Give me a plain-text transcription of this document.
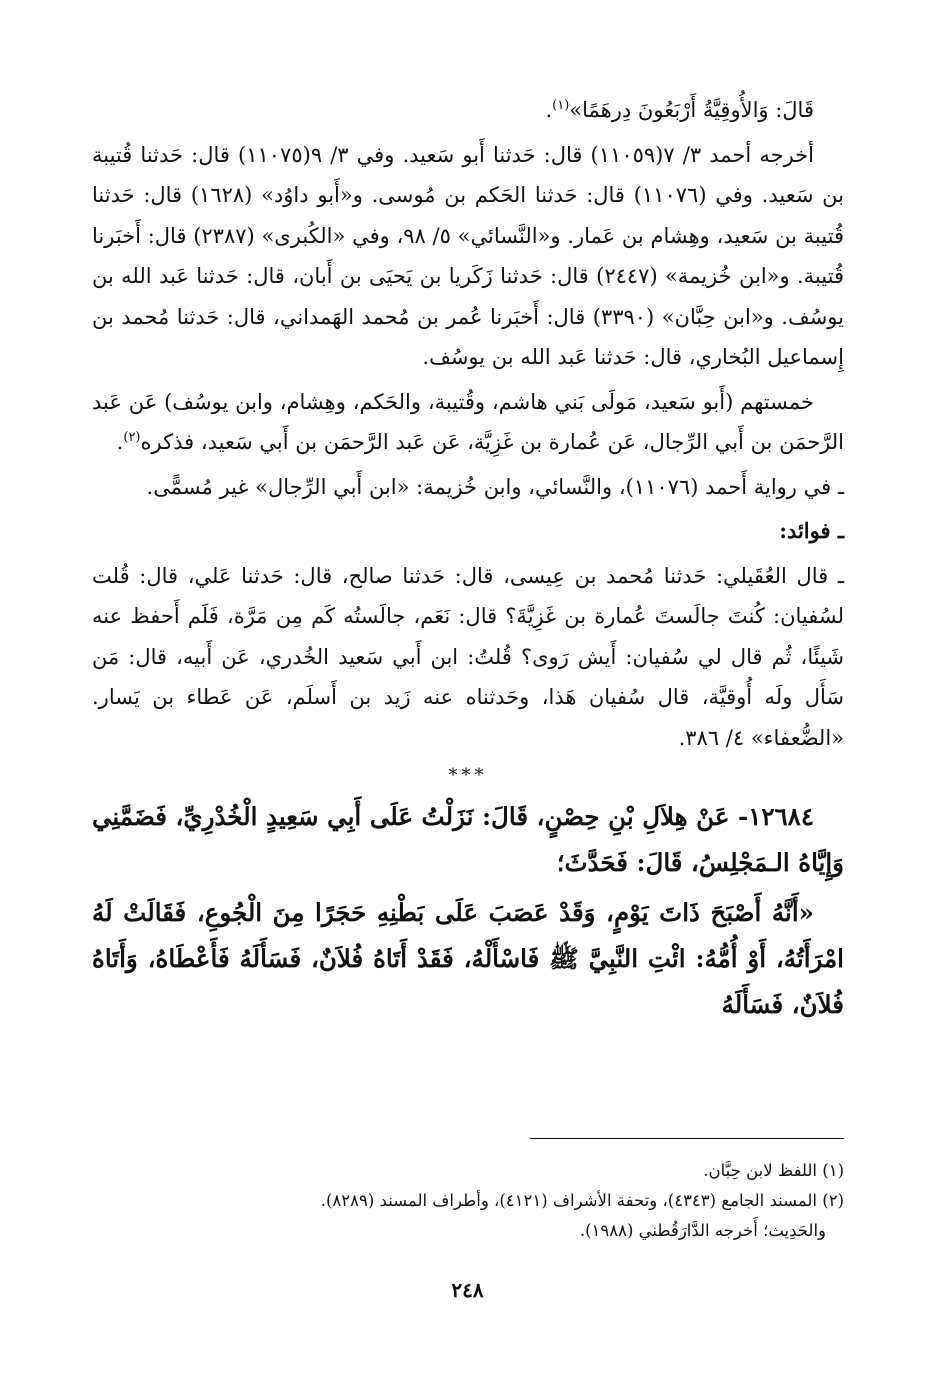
قَالَ: وَالأُوقِيَّةُ أَرْبَعُونَ دِرهَمًا»$^{(١)}$.

أخرجه أحمد ٣/ ٧(١١٠٥٩) قال: حَدثنا أَبو سَعيد. وفي ٣/ ٩(١١٠٧٥) قال: حَدثنا قُتيبة بن سَعيد. وفي (١١٠٧٦) قال: حَدثنا الحَكم بن مُوسى. و«أَبو داوُد» (١٦٢٨) قال: حَدثنا قُتيبة بن سَعيد، وهِشام بن عَمار. و«النَّسائي» ٥/ ٩٨، وفي «الكُبرى» (٢٣٨٧) قال: أَخبَرنا قُتيبة. و«ابن خُزيمة» (٢٤٤٧) قال: حَدثنا زَكَريا بن يَحيَى بن أَبان، قال: حَدثنا عَبد الله بن يوسُف. و«ابن حِبَّان» (٣٣٩٠) قال: أَخبَرنا عُمر بن مُحمد الهَمداني، قال: حَدثنا مُحمد بن إِسماعيل البُخاري، قال: حَدثنا عَبد الله بن يوسُف.

خمستهم (أَبو سَعيد، مَولَى بَني هاشم، وقُتيبة، والحَكم، وهِشام، وابن يوسُف) عَن عَبد الرَّحمَن بن أَبي الرِّجال، عَن عُمارة بن غَزِيَّة، عَن عَبد الرَّحمَن بن أَبي سَعيد، فذكره$^{(٢)}$.

ـ في رواية أَحمد (١١٠٧٦)، والنَّسائي، وابن خُزيمة: «ابن أَبي الرِّجال» غير مُسمًّى.

ـ فوائد:

ـ قال العُقَيلي: حَدثنا مُحمد بن عِيسى، قال: حَدثنا صالح، قال: حَدثنا عَلي، قال: قُلت لسُفيان: كُنتَ جالَستَ عُمارة بن غَزِيَّةَ؟ قال: نَعَم، جالَستُه كَم مِن مَرَّة، فَلَم أَحفظ عنه شَيئًا، ثُم قال لي سُفيان: أَيش رَوى؟ قُلتُ: ابن أَبي سَعيد الخُدري، عَن أَبيه، قال: مَن سَأَل ولَه أُوقيَّة، قال سُفيان هَذا، وحَدثناه عنه زَيد بن أَسلَم، عَن عَطاء بن يَسار. «الضُّعفاء» ٤/ ٣٨٦.

***

١٢٦٨٤- عَنْ هِلاَلِ بْنِ حِصْنٍ، قَالَ: نَزَلْتُ عَلَى أَبِي سَعِيدٍ الْخُدْرِيِّ، فَضَمَّنِي وَإِيَّاهُ الـمَجْلِسُ، قَالَ: فَحَدَّثَ؛

«أَنَّهُ أَصْبَحَ ذَاتَ يَوْمٍ، وَقَدْ عَصَبَ عَلَى بَطْنِهِ حَجَرًا مِنَ الْجُوعِ، فَقَالَتْ لَهُ امْرَأَتُهُ، أَوْ أُمُّهُ: ائْتِ النَّبِيَّ ﷺ فَاسْأَلْهُ، فَقَدْ أَتَاهُ فُلاَنٌ، فَسَأَلَهُ فَأَعْطَاهُ، وَأَتَاهُ فُلاَنٌ، فَسَأَلَهُ

(١) اللفظ لابن حِبَّان.

(٢) المسند الجامع (٤٣٤٣)، وتحفة الأشراف (٤١٢١)، وأطراف المسند (٨٢٨٩).

والحَدِيث؛ أَخرجه الدَّارَقُطني (١٩٨٨).

٢٤٨
